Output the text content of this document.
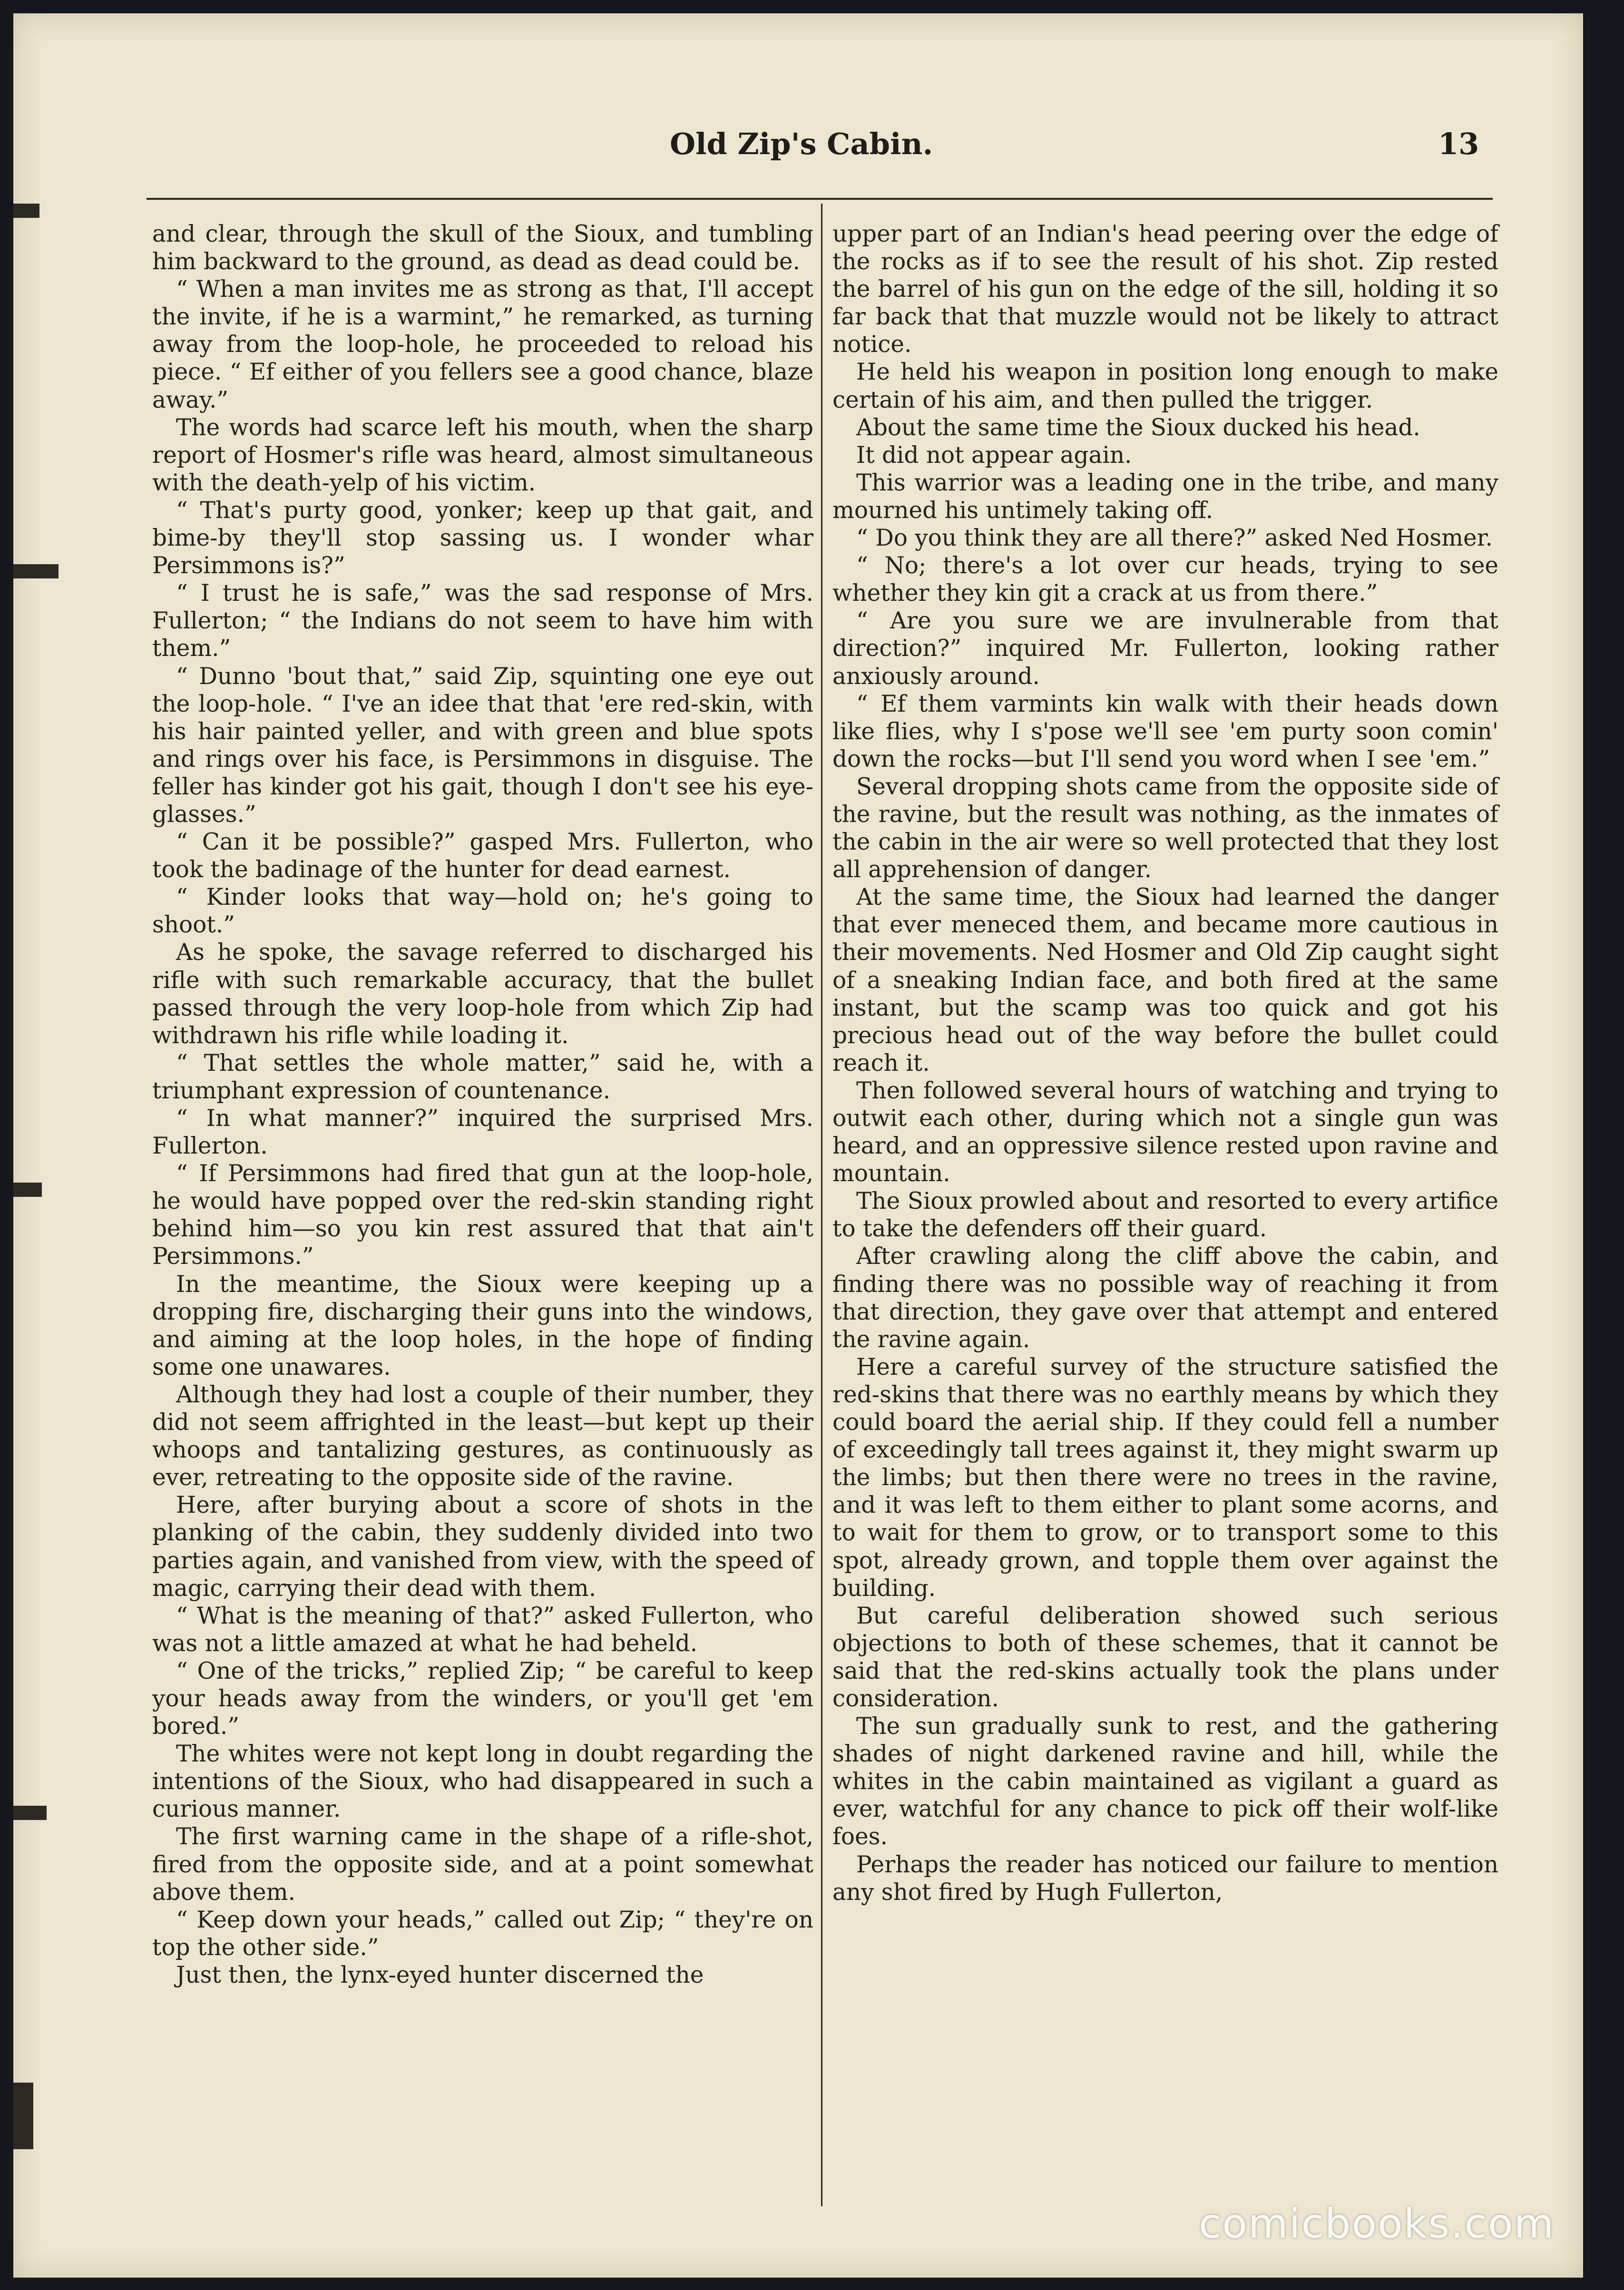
Old Zip's Cabin.	13

and clear, through the skull of the Sioux, and tumbling him backward to the ground, as dead as dead could be.

“ When a man invites me as strong as that, I'll accept the invite, if he is a warmint,” he remarked, as turning away from the loop-hole, he proceeded to reload his piece. “ Ef either of you fellers see a good chance, blaze away.”

The words had scarce left his mouth, when the sharp report of Hosmer's rifle was heard, almost simultaneous with the death-yelp of his victim.

“ That's purty good, yonker; keep up that gait, and bime-by they'll stop sassing us. I wonder whar Persimmons is?”

“ I trust he is safe,” was the sad response of Mrs. Fullerton; “ the Indians do not seem to have him with them.”

“ Dunno 'bout that,” said Zip, squinting one eye out the loop-hole. “ I've an idee that that 'ere red-skin, with his hair painted yeller, and with green and blue spots and rings over his face, is Persimmons in disguise. The feller has kinder got his gait, though I don't see his eye-glasses.”

“ Can it be possible?” gasped Mrs. Fullerton, who took the badinage of the hunter for dead earnest.

“ Kinder looks that way—hold on; he's going to shoot.”

As he spoke, the savage referred to discharged his rifle with such remarkable accuracy, that the bullet passed through the very loop-hole from which Zip had withdrawn his rifle while loading it.

“ That settles the whole matter,” said he, with a triumphant expression of countenance.

“ In what manner?” inquired the surprised Mrs. Fullerton.

“ If Persimmons had fired that gun at the loop-hole, he would have popped over the red-skin standing right behind him—so you kin rest assured that that ain't Persimmons.”

In the meantime, the Sioux were keeping up a dropping fire, discharging their guns into the windows, and aiming at the loop holes, in the hope of finding some one unawares.

Although they had lost a couple of their number, they did not seem affrighted in the least—but kept up their whoops and tantalizing gestures, as continuously as ever, retreating to the opposite side of the ravine.

Here, after burying about a score of shots in the planking of the cabin, they suddenly divided into two parties again, and vanished from view, with the speed of magic, carrying their dead with them.

“ What is the meaning of that?” asked Fullerton, who was not a little amazed at what he had beheld.

“ One of the tricks,” replied Zip; “ be careful to keep your heads away from the winders, or you'll get 'em bored.”

The whites were not kept long in doubt regarding the intentions of the Sioux, who had disappeared in such a curious manner.

The first warning came in the shape of a rifle-shot, fired from the opposite side, and at a point somewhat above them.

“ Keep down your heads,” called out Zip; “ they're on top the other side.”

Just then, the lynx-eyed hunter discerned the

upper part of an Indian's head peering over the edge of the rocks as if to see the result of his shot. Zip rested the barrel of his gun on the edge of the sill, holding it so far back that that muzzle would not be likely to attract notice.

He held his weapon in position long enough to make certain of his aim, and then pulled the trigger.

About the same time the Sioux ducked his head.

It did not appear again.

This warrior was a leading one in the tribe, and many mourned his untimely taking off.

“ Do you think they are all there?” asked Ned Hosmer.

“ No; there's a lot over cur heads, trying to see whether they kin git a crack at us from there.”

“ Are you sure we are invulnerable from that direction?” inquired Mr. Fullerton, looking rather anxiously around.

“ Ef them varmints kin walk with their heads down like flies, why I s'pose we'll see 'em purty soon comin' down the rocks—but I'll send you word when I see 'em.”

Several dropping shots came from the opposite side of the ravine, but the result was nothing, as the inmates of the cabin in the air were so well protected that they lost all apprehension of danger.

At the same time, the Sioux had learned the danger that ever meneced them, and became more cautious in their movements. Ned Hosmer and Old Zip caught sight of a sneaking Indian face, and both fired at the same instant, but the scamp was too quick and got his precious head out of the way before the bullet could reach it.

Then followed several hours of watching and trying to outwit each other, during which not a single gun was heard, and an oppressive silence rested upon ravine and mountain.

The Sioux prowled about and resorted to every artifice to take the defenders off their guard.

After crawling along the cliff above the cabin, and finding there was no possible way of reaching it from that direction, they gave over that attempt and entered the ravine again.

Here a careful survey of the structure satisfied the red-skins that there was no earthly means by which they could board the aerial ship. If they could fell a number of exceedingly tall trees against it, they might swarm up the limbs; but then there were no trees in the ravine, and it was left to them either to plant some acorns, and to wait for them to grow, or to transport some to this spot, already grown, and topple them over against the building.

But careful deliberation showed such serious objections to both of these schemes, that it cannot be said that the red-skins actually took the plans under consideration.

The sun gradually sunk to rest, and the gathering shades of night darkened ravine and hill, while the whites in the cabin maintained as vigilant a guard as ever, watchful for any chance to pick off their wolf-like foes.

Perhaps the reader has noticed our failure to mention any shot fired by Hugh Fullerton,

comicbooks.com
